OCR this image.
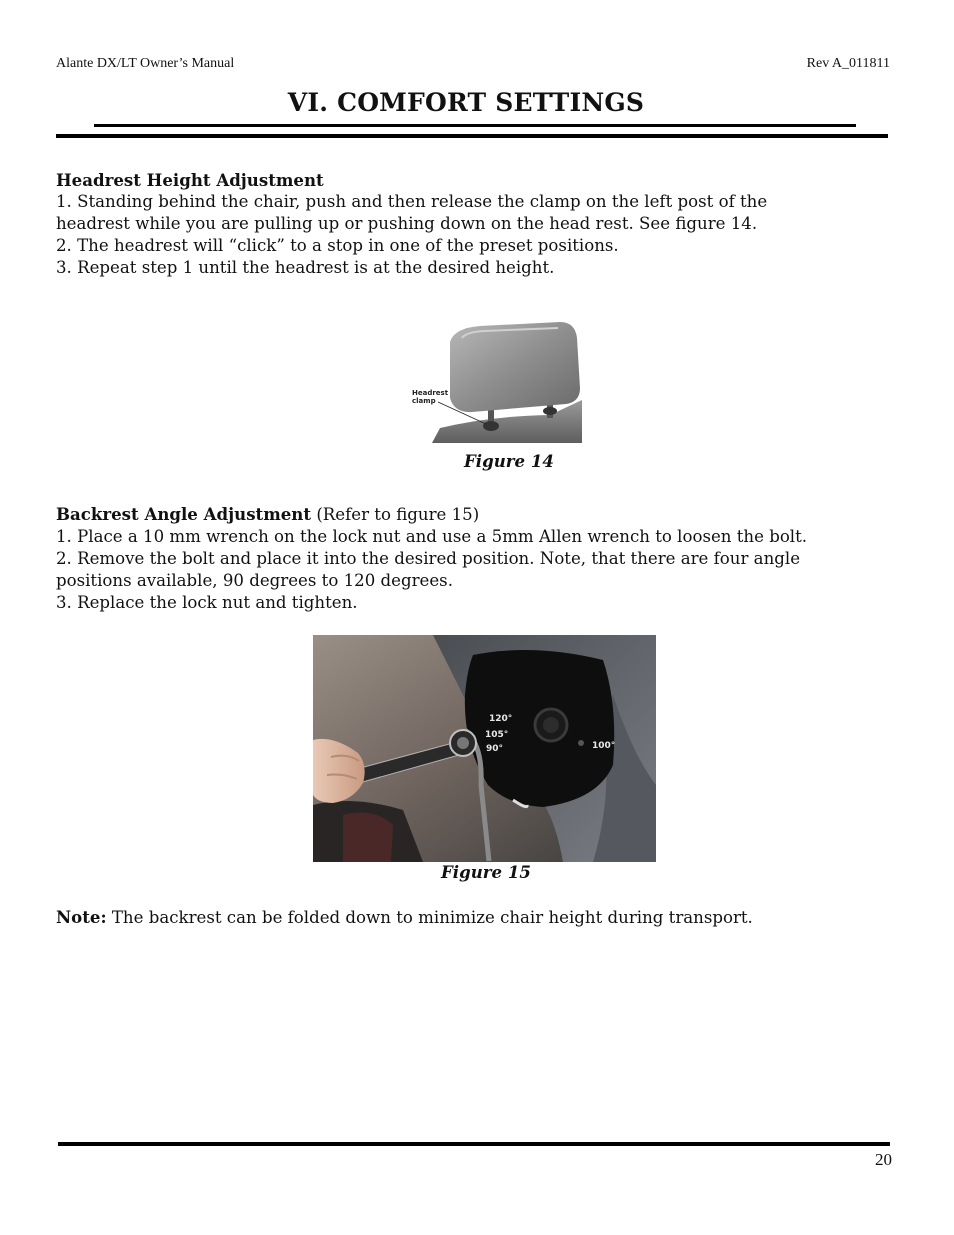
Alante DX/LT Owner’s Manual	Rev A_011811
VI. COMFORT SETTINGS

Headrest Height Adjustment

1. Standing behind the chair, push and then release the clamp on the left post of the

headrest while you are pulling up or pushing down on the head rest. See figure 14.

2. The headrest will “click” to a stop in one of the preset positions.

3. Repeat step 1 until the headrest is at the desired height.

Headrest
clamp
Figure 14

Backrest Angle Adjustment (Refer to figure 15)

1. Place a 10 mm wrench on the lock nut and use a 5mm Allen wrench to loosen the bolt.

2. Remove the bolt and place it into the desired position. Note, that there are four angle

positions available, 90 degrees to 120 degrees.

3. Replace the lock nut and tighten.

120°
105°
90°	100°
Figure 15

Note: The backrest can be folded down to minimize chair height during transport.

20
